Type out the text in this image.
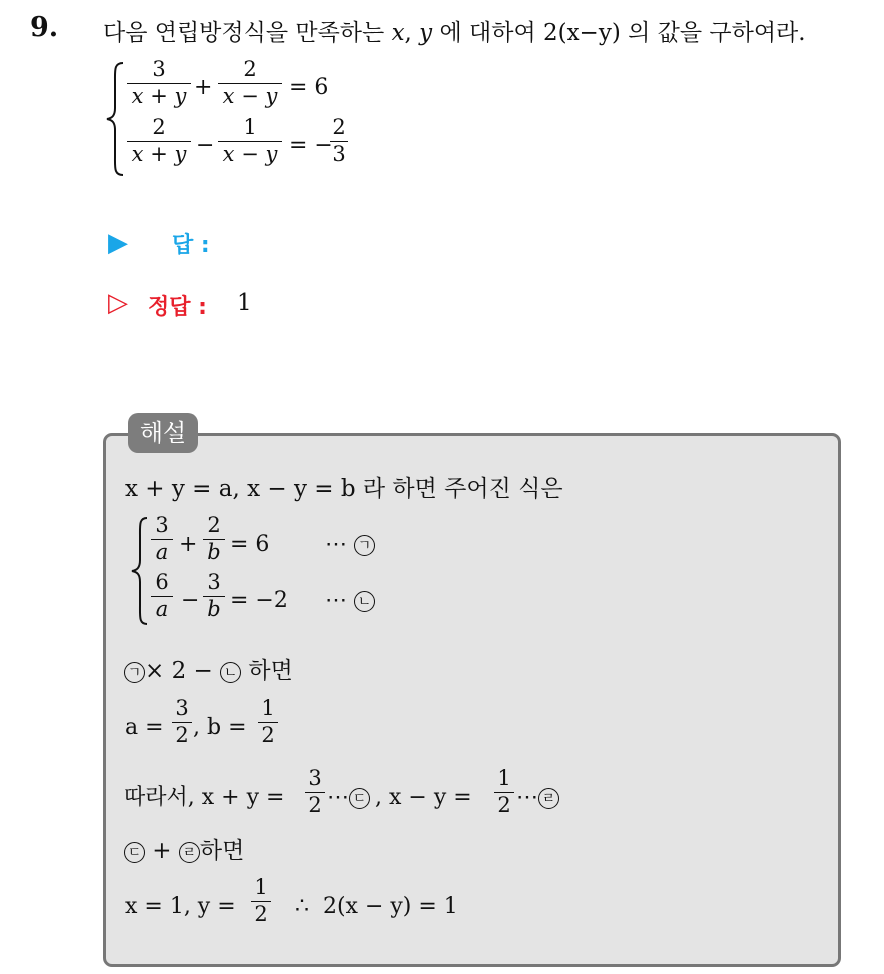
9. 다음 연립방정식을 만족하는 x, y 에 대하여 2(x−y) 의 값을 구하여라.
3
x + y +
2
x − y = 6
2
x + y −
1
x − y = −
2
3
▶ 답 :
▷ 정답 : 1
해설
x + y = a, x − y = b 라 하면 주어진 식은
3
a +
2
b = 6	⋯ ㄱ
6
a −
3
b = −2 ⋯ ㄴ
ㄱ × 2 − ㄴ 하면
a =
3
2 , b =
1
2
따라서, x + y =
3
2 ⋯ ㄷ , x − y =
1
2 ⋯ ㄹ
ㄷ + ㄹ 하면
x = 1, y =
1
2 ∴  2(x − y) = 1
